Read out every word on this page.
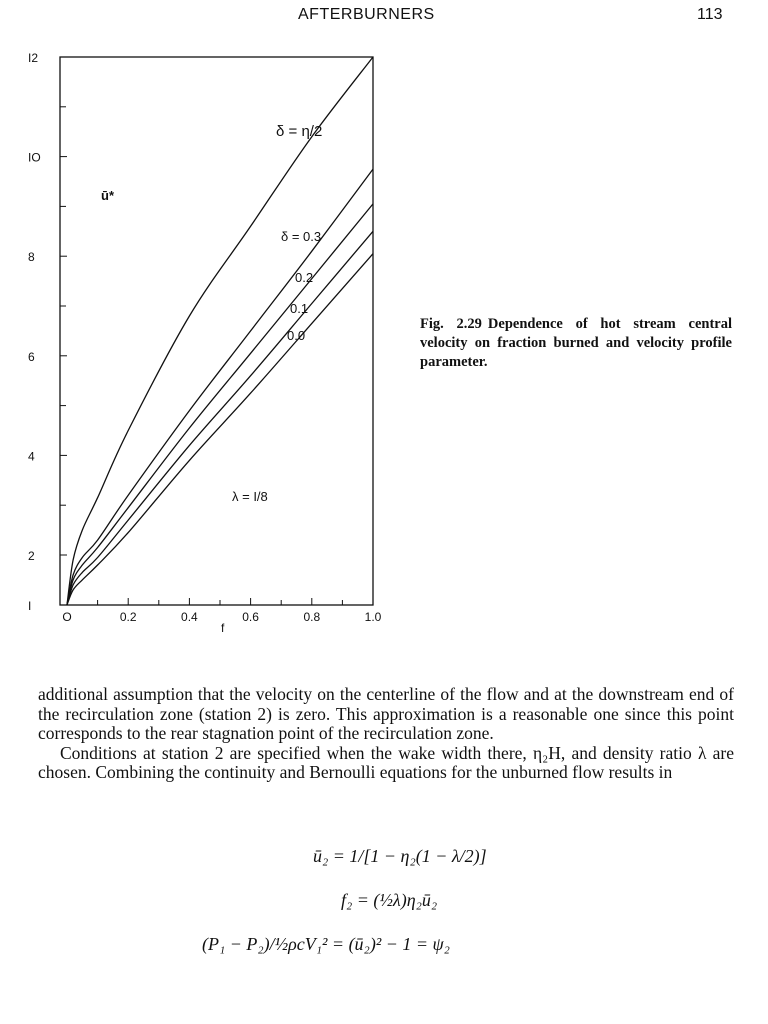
AFTERBURNERS	113
I
2
4
6
8
IO
I2
O	0.2	0.4	0.6	0.8	1.0
ū*
f
δ = η/2
δ = 0.3
0.2
0.1
0.0
λ = I/8
Fig. 2.29 Dependence of hot stream central velocity on fraction burned and velocity profile parameter.

additional assumption that the velocity on the centerline of the flow and at the downstream end of the recirculation zone (station 2) is zero. This approximation is a reasonable one since this point corresponds to the rear stagnation point of the recirculation zone.

Conditions at station 2 are specified when the wake width there, η₂H, and density ratio λ are chosen. Combining the continuity and Bernoulli equations for the unburned flow results in

ū₂ = 1/[1 − η₂(1 − λ/2)]
f₂ = (½λ)η₂ū₂
(P₁ − P₂)/½ρcV₁² = (ū₂)² − 1 = ψ₂
